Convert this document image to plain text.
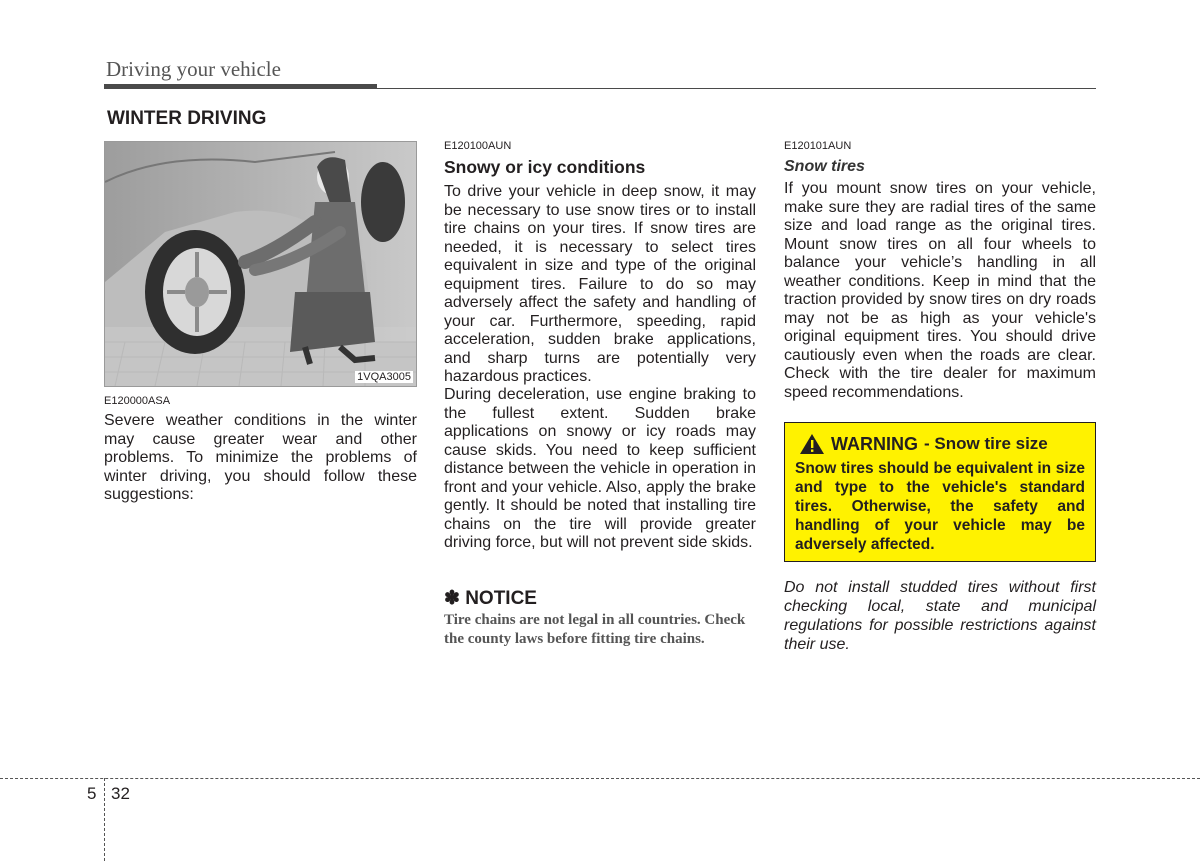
Driving your vehicle
WINTER DRIVING
1VQA3005
E120000ASA
Severe weather conditions in the winter may cause greater wear and other problems. To minimize the problems of winter driving, you should follow these suggestions:
E120100AUN
Snowy or icy conditions
To drive your vehicle in deep snow, it may be necessary to use snow tires or to install tire chains on your tires. If snow tires are needed, it is necessary to select tires equivalent in size and type of the original equipment tires. Failure to do so may adversely affect the safety and handling of your car. Furthermore, speeding, rapid acceleration, sudden brake applications, and sharp turns are potentially very hazardous practices.
During deceleration, use engine braking to the fullest extent. Sudden brake applications on snowy or icy roads may cause skids. You need to keep sufficient distance between the vehicle in operation in front and your vehicle. Also, apply the brake gently. It should be noted that installing tire chains on the tire will provide greater driving force, but will not prevent side skids.
✽ NOTICE
Tire chains are not legal in all countries. Check the county laws before fitting tire chains.
E120101AUN
Snow tires
If you mount snow tires on your vehicle, make sure they are radial tires of the same size and load range as the original tires. Mount snow tires on all four wheels to balance your vehicle’s handling in all weather conditions. Keep in mind that the traction provided by snow tires on dry roads may not be as high as your vehicle's original equipment tires. You should drive cautiously even when the roads are clear. Check with the tire dealer for maximum speed recommendations.
WARNING - Snow tire size
Snow tires should be equivalent in size and type to the vehicle's standard tires. Otherwise, the safety and handling of your vehicle may be adversely affected.
Do not install studded tires without first checking local, state and municipal regulations for possible restrictions against their use.
5 32
